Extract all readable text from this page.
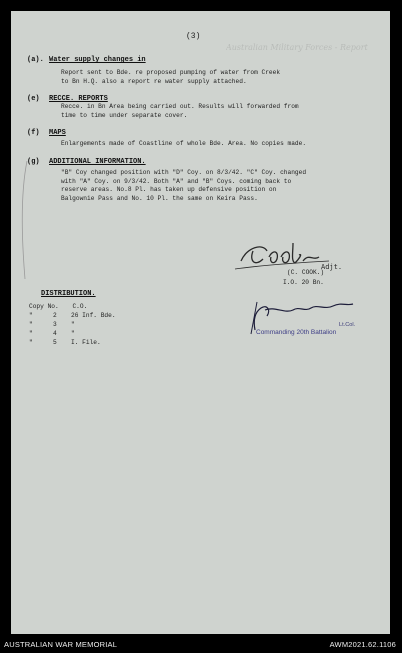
(3)
Australian Military Forces - Report
(a). Water supply changes in
Report sent to Bde. re proposed pumping of water from Creek
to Bn H.Q. also a report re water supply attached.
(e) RECCE. REPORTS
Recce. in Bn Area being carried out. Results will forwarded from
time to time under separate cover.
(f) MAPS
Enlargements made of Coastline of whole Bde. Area. No copies made.
(g) ADDITIONAL INFORMATION.
"B" Coy changed position with "D" Coy. on 8/3/42. "C" Coy. changed
with "A" Coy. on 9/3/42. Both "A" and "B" Coys. coming back to
reserve areas. No.8 Pl. has taken up defensive position on
Balgownie Pass and No. 10 Pl. the same on Keira Pass.
Adjt.
(C. COOK.)
I.O. 20 Bn.
DISTRIBUTION.
Copy No. C.O.
"	2 26 Inf. Bde.
"	3 "
"	4 "
"	5 I. File.
Lt.Col.
Commanding 20th Battalion
AUSTRALIAN WAR MEMORIAL	AWM2021.62.1106
